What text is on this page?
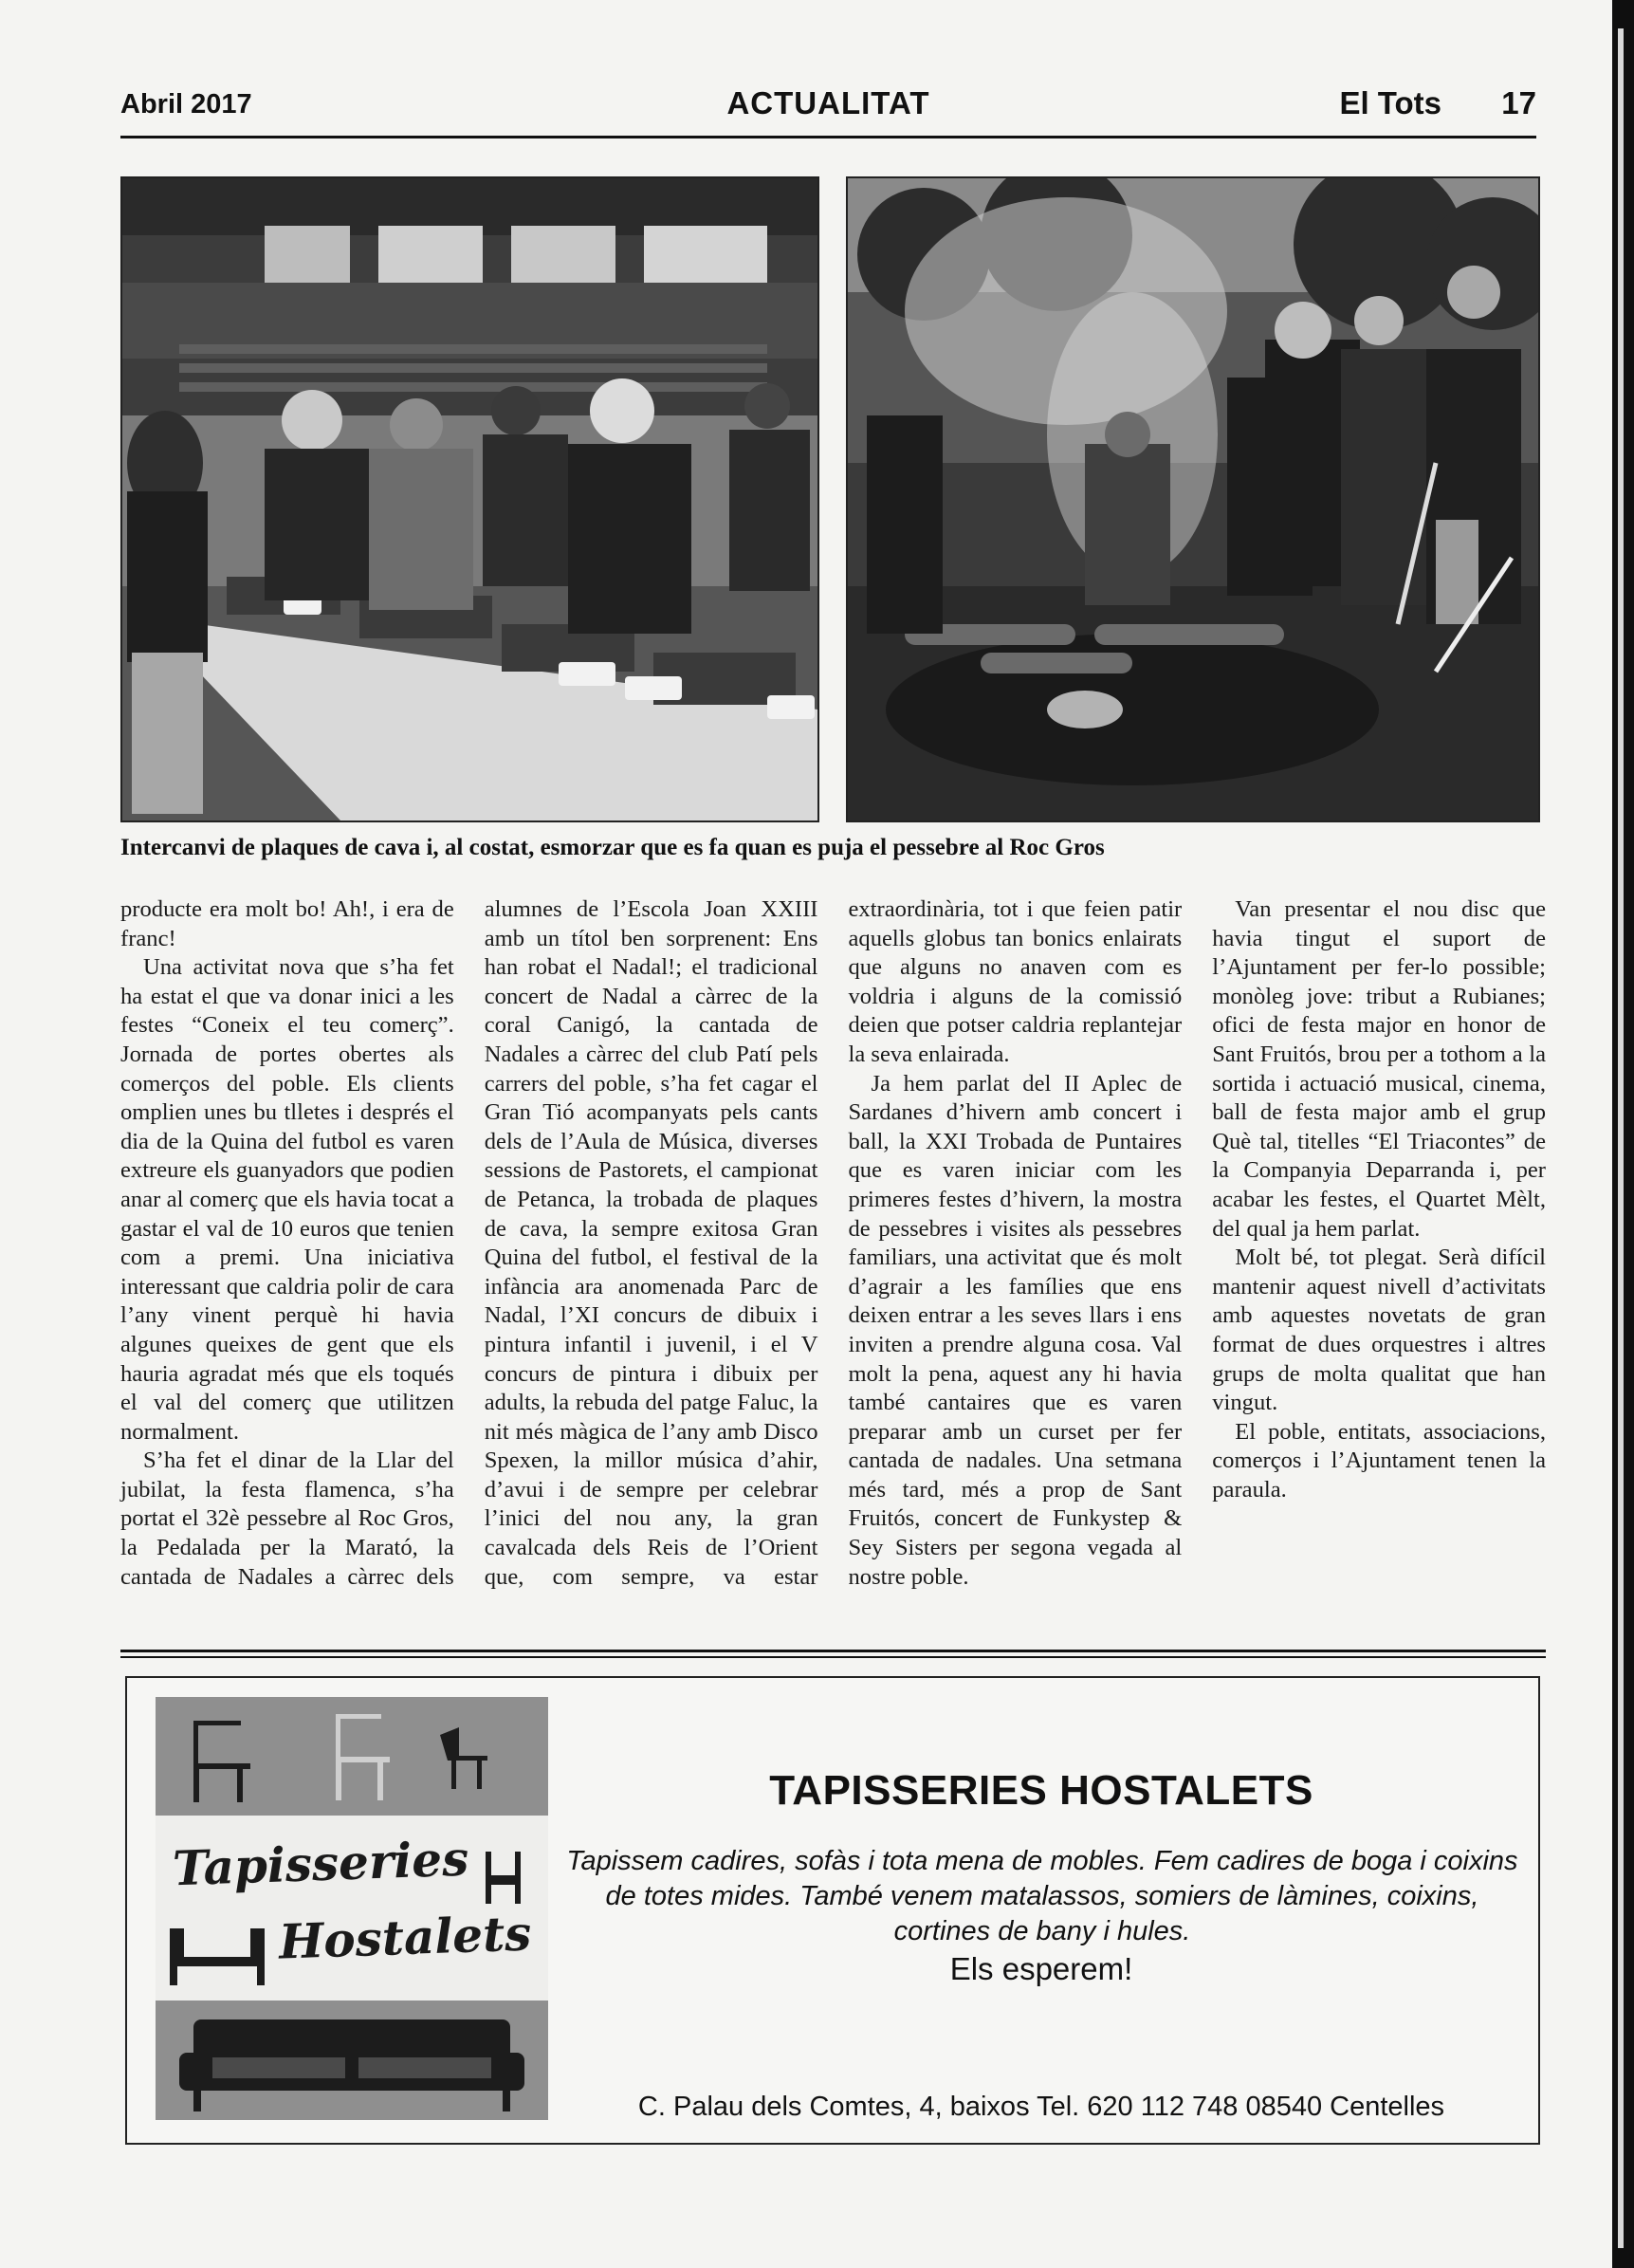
Abril 2017	ACTUALITAT	El Tots 17
Intercanvi de plaques de cava i, al costat, esmorzar que es fa quan es puja el pessebre al Roc Gros

producte era molt bo! Ah!, i era de franc!

Una activitat nova que s’ha fet ha estat el que va donar inici a les festes “Coneix el teu comerç”. Jornada de portes obertes als comerços del poble. Els clients omplien unes bu tlletes i després el dia de la Quina del futbol es varen extreure els guanyadors que podien anar al comerç que els havia tocat a gastar el val de 10 euros que tenien com a premi. Una iniciativa interessant que caldria polir de cara l’any vinent perquè hi havia algunes queixes de gent que els hauria agradat més que els toqués el val del comerç que utilitzen normalment.

S’ha fet el dinar de la Llar del jubilat, la festa flamenca, s’ha portat el 32è pessebre al Roc Gros, la Pedalada per la Marató, la cantada de Nadales a càrrec dels alumnes de l’Escola Joan XXIII amb un títol ben sorprenent: Ens han robat el Nadal!; el tradicional concert de Nadal a càrrec de la coral Canigó, la cantada de Nadales a càrrec del club Patí pels carrers del poble, s’ha fet cagar el Gran Tió acompanyats pels cants dels de l’Aula de Música, diverses sessions de Pastorets, el campionat de Petanca, la trobada de plaques de cava, la sempre exitosa Gran Quina del futbol, el festival de la infància ara anomenada Parc de Nadal, l’XI concurs de dibuix i pintura infantil i juvenil, i el V concurs de pintura i dibuix per adults, la rebuda del patge Faluc, la nit més màgica de l’any amb Disco Spexen, la millor música d’ahir, d’avui i de sempre per celebrar l’inici del nou any, la gran cavalcada dels Reis de l’Orient que, com sempre, va estar extraordinària, tot i que feien patir aquells globus tan bonics enlairats que alguns no anaven com es voldria i alguns de la comissió deien que potser caldria replantejar la seva enlairada.

Ja hem parlat del II Aplec de Sardanes d’hivern amb concert i ball, la XXI Trobada de Puntaires que es varen iniciar com les primeres festes d’hivern, la mostra de pessebres i visites als pessebres familiars, una activitat que és molt d’agrair a les famílies que ens deixen entrar a les seves llars i ens inviten a prendre alguna cosa. Val molt la pena, aquest any hi havia també cantaires que es varen preparar amb un curset per fer cantada de nadales. Una setmana més tard, més a prop de Sant Fruitós, concert de Funkystep & Sey Sisters per segona vegada al nostre poble.

Van presentar el nou disc que havia tingut el suport de l’Ajuntament per fer-lo possible; monòleg jove: tribut a Rubianes; ofici de festa major en honor de Sant Fruitós, brou per a tothom a la sortida i actuació musical, cinema, ball de festa major amb el grup Què tal, titelles “El Triacontes” de la Companyia Deparranda i, per acabar les festes, el Quartet Mèlt, del qual ja hem parlat.

Molt bé, tot plegat. Serà difícil mantenir aquest nivell d’activitats amb aquestes novetats de gran format de dues orquestres i altres grups de molta qualitat que han vingut.

El poble, entitats, associacions, comerços i l’Ajuntament tenen la paraula.

Tapisseries
Hostalets
TAPISSERIES HOSTALETS
Tapissem cadires, sofàs i tota mena de mobles. Fem cadires de boga i coixins de totes mides. També venem matalassos, somiers de làmines, coixins, cortines de bany i hules.
Els esperem!
C. Palau dels Comtes, 4, baixos Tel. 620 112 748 08540 Centelles
